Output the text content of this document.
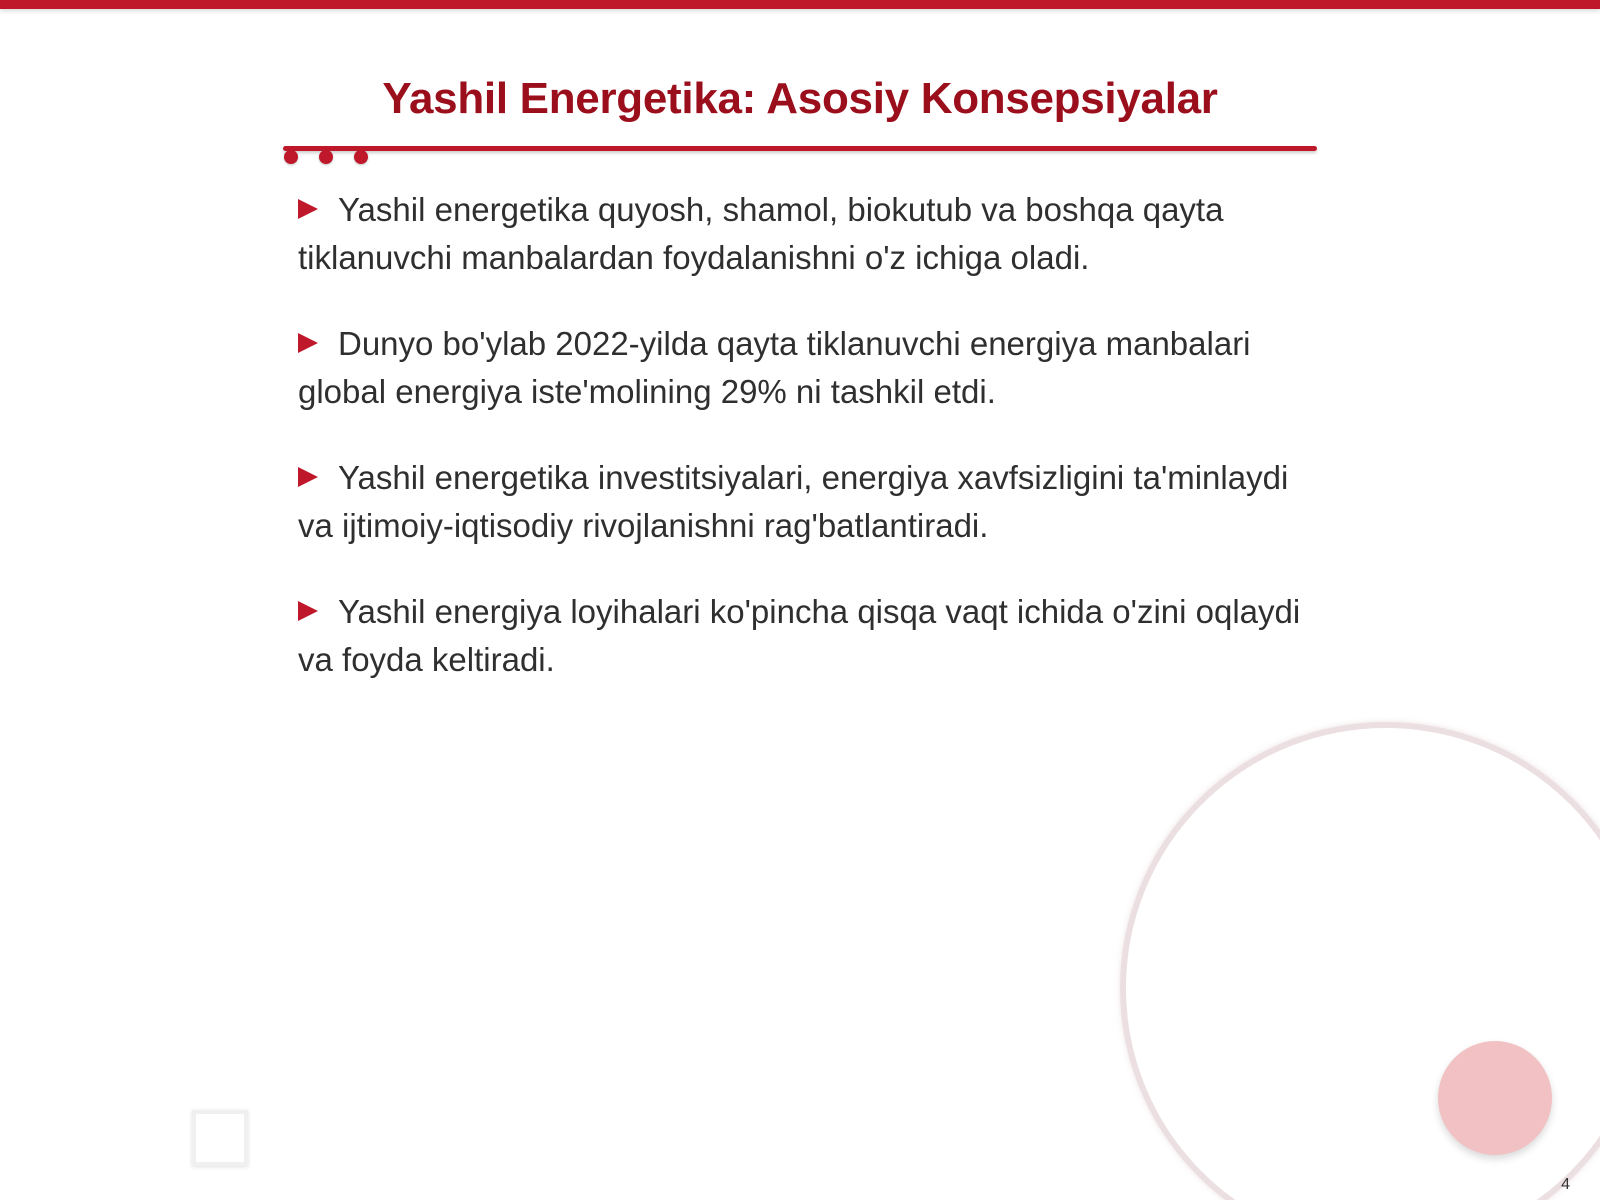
Yashil Energetika: Asosiy Konsepsiyalar
Yashil energetika quyosh, shamol, biokutub va boshqa qayta tiklanuvchi manbalardan foydalanishni o'z ichiga oladi.
Dunyo bo'ylab 2022-yilda qayta tiklanuvchi energiya manbalari global energiya iste'molining 29% ni tashkil etdi.
Yashil energetika investitsiyalari, energiya xavfsizligini ta'minlaydi va ijtimoiy-iqtisodiy rivojlanishni rag'batlantiradi.
Yashil energiya loyihalari ko'pincha qisqa vaqt ichida o'zini oqlaydi va foyda keltiradi.
4
